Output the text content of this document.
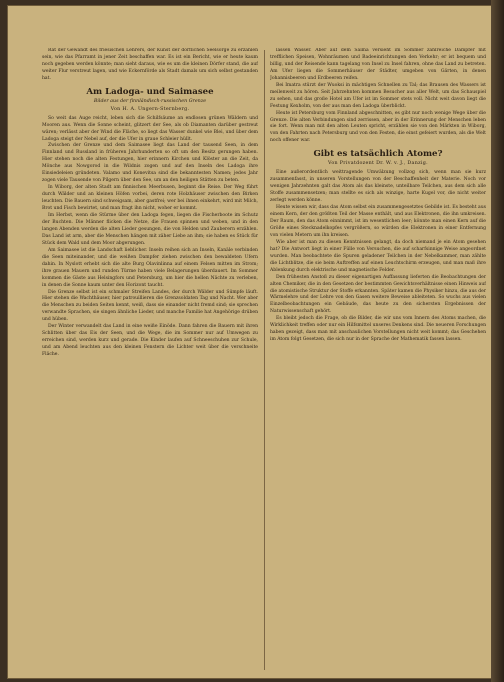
Rat der Gewandt des friesischen Lehrers, der Kunst der dörflichen Seelsorge zu erzählen sein, wie das Pfarramt in jener Zeit beschaffen war. Es ist ein Bericht, wie er heute kaum noch gegeben werden könnte; man sieht daraus, wie es um die kleinen Dörfer stand, die auf weiter Flur verstreut lagen, und wie Eckernförde als Stadt damals um sich selbst gestanden hat.

Am Ladoga- und Saimasee
Bilder aus der finnländisch-russischen Grenze
Von H. A. Ungern-Sternberg.

So weit das Auge reicht, leben sich die Schilfsäume an endlosen grünen Wäldern und Mooren aus. Wenn die Sonne scheint, glitzert der See, als ob Diamanten darüber gestreut wären; verlässt aber der Wind die Fläche, so liegt das Wasser dunkel wie Blei, und über dem Ladoga steigt der Nebel auf, der die Ufer in graue Schleier hüllt.

Zwischen der Grenze und dem Saimasee liegt das Land der tausend Seen, in dem Finnland und Russland in früheren Jahrhunderten so oft um den Besitz gerungen haben. Hier stehen noch die alten Festungen, hier erinnern Kirchen und Klöster an die Zeit, da Mönche aus Nowgorod in die Wildnis zogen und auf den Inseln des Ladoga ihre Einsiedeleien gründeten. Valamo und Konevitsa sind die bekanntesten Namen; jedes Jahr zogen viele Tausende von Pilgern über den See, um an den heiligen Stätten zu beten.

In Wiborg, der alten Stadt am finnischen Meerbusen, beginnt die Reise. Der Weg führt durch Wälder und an kleinen Höfen vorbei, deren rote Holzhäuser zwischen den Birken leuchten. Die Bauern sind schweigsam, aber gastfrei; wer bei ihnen einkehrt, wird mit Milch, Brot und Fisch bewirtet, und man fragt ihn nicht, woher er kommt.

Im Herbst, wenn die Stürme über den Ladoga fegen, liegen die Fischerboote im Schutz der Buchten. Die Männer flicken die Netze, die Frauen spinnen und weben, und in den langen Abenden werden die alten Lieder gesungen, die von Helden und Zauberern erzählen. Das Land ist arm, aber die Menschen hängen mit zäher Liebe an ihm; sie haben es Stück für Stück dem Wald und dem Moor abgerungen.

Am Saimasee ist die Landschaft lieblicher. Inseln reihen sich an Inseln, Kanäle verbinden die Seen miteinander, und die weißen Dampfer ziehen zwischen den bewaldeten Ufern dahin. In Nyslott erhebt sich die alte Burg Olavinlinna auf einem Felsen mitten im Strom; ihre grauen Mauern und runden Türme haben viele Belagerungen überdauert. Im Sommer kommen die Gäste aus Helsingfors und Petersburg, um hier die hellen Nächte zu verleben, in denen die Sonne kaum unter den Horizont taucht.

Die Grenze selbst ist ein schmaler Streifen Landes, der durch Wälder und Sümpfe läuft. Hier stehen die Wachthäuser, hier patrouillieren die Grenzsoldaten Tag und Nacht. Wer aber die Menschen zu beiden Seiten kennt, weiß, dass sie einander nicht fremd sind; sie sprechen verwandte Sprachen, sie singen ähnliche Lieder, und manche Familie hat Angehörige drüben und hüben.

Der Winter verwandelt das Land in eine weiße Einöde. Dann fahren die Bauern mit ihren Schlitten über das Eis der Seen, und die Wege, die im Sommer nur auf Umwegen zu erreichen sind, werden kurz und gerade. Die Kinder laufen auf Schneeschuhen zur Schule, und am Abend leuchten aus den kleinen Fenstern die Lichter weit über die verschneite Fläche.

lassen Wasser. Aber auf dem Saima versieht im Sommer zahlreiche Dampfer mit trefflichen Speisen, Wohnräumen und Badeeinrichtungen den Verkehr; er ist bequem und billig, und der Reisende kann tagelang von Insel zu Insel fahren, ohne das Land zu betreten. Am Ufer liegen die Sommerhäuser der Städter, umgeben von Gärten, in denen Johannisbeeren und Erdbeeren reifen.

Bei Imatra stürzt der Wuoksi in mächtigen Schnellen zu Tal; das Brausen des Wassers ist meilenweit zu hören. Seit Jahrzehnten kommen Besucher aus aller Welt, um das Schauspiel zu sehen, und das große Hotel am Ufer ist im Sommer stets voll. Nicht weit davon liegt die Festung Kexholm, von der aus man den Ladoga überblickt.

Heute ist Petersburg vom Finnland abgeschnitten, es gibt nur noch wenige Wege über die Grenze. Die alten Verbindungen sind zerrissen, aber in der Erinnerung der Menschen leben sie fort. Wenn man mit den alten Leuten spricht, erzählen sie von den Märkten in Wiborg, von den Fahrten nach Petersburg und von den Festen, die einst gefeiert wurden, als die Welt noch offener war.

Gibt es tatsächlich Atome?
Von Privatdozent Dr. W. v. J., Danzig.

Eine außerordentlich weittragende Umwälzung vollzog sich, wenn man sie kurz zusammenfasst, in unseren Vorstellungen von der Beschaffenheit der Materie. Noch vor wenigen Jahrzehnten galt das Atom als das kleinste, unteilbare Teilchen, aus dem sich alle Stoffe zusammensetzen; man stellte es sich als winzige, harte Kugel vor, die nicht weiter zerlegt werden könne.

Heute wissen wir, dass das Atom selbst ein zusammengesetztes Gebilde ist. Es besteht aus einem Kern, der den größten Teil der Masse enthält, und aus Elektronen, die ihn umkreisen. Der Raum, den das Atom einnimmt, ist im wesentlichen leer; könnte man einen Kern auf die Größe eines Stecknadelkopfes vergrößern, so würden die Elektronen in einer Entfernung von vielen Metern um ihn kreisen.

Wie aber ist man zu diesen Kenntnissen gelangt, da doch niemand je ein Atom gesehen hat? Die Antwort liegt in einer Fülle von Versuchen, die auf scharfsinnige Weise angeordnet wurden. Man beobachtete die Spuren geladener Teilchen in der Nebelkammer, man zählte die Lichtblitze, die sie beim Auftreffen auf einen Leuchtschirm erzeugen, und man maß ihre Ablenkung durch elektrische und magnetische Felder.

Den frühesten Anstoß zu dieser eigenartigen Auffassung lieferten die Beobachtungen der alten Chemiker, die in den Gesetzen der bestimmten Gewichtsverhältnisse einen Hinweis auf die atomistische Struktur der Stoffe erkannten. Später kamen die Physiker hinzu, die aus der Wärmelehre und der Lehre von den Gasen weitere Beweise ableiteten. So wuchs aus vielen Einzelbeobachtungen ein Gebäude, das heute zu den sichersten Ergebnissen der Naturwissenschaft gehört.

Es bleibt jedoch die Frage, ob die Bilder, die wir uns vom Innern des Atoms machen, die Wirklichkeit treffen oder nur ein Hilfsmittel unseres Denkens sind. Die neueren Forschungen haben gezeigt, dass man mit anschaulichen Vorstellungen nicht weit kommt; das Geschehen im Atom folgt Gesetzen, die sich nur in der Sprache der Mathematik fassen lassen.
